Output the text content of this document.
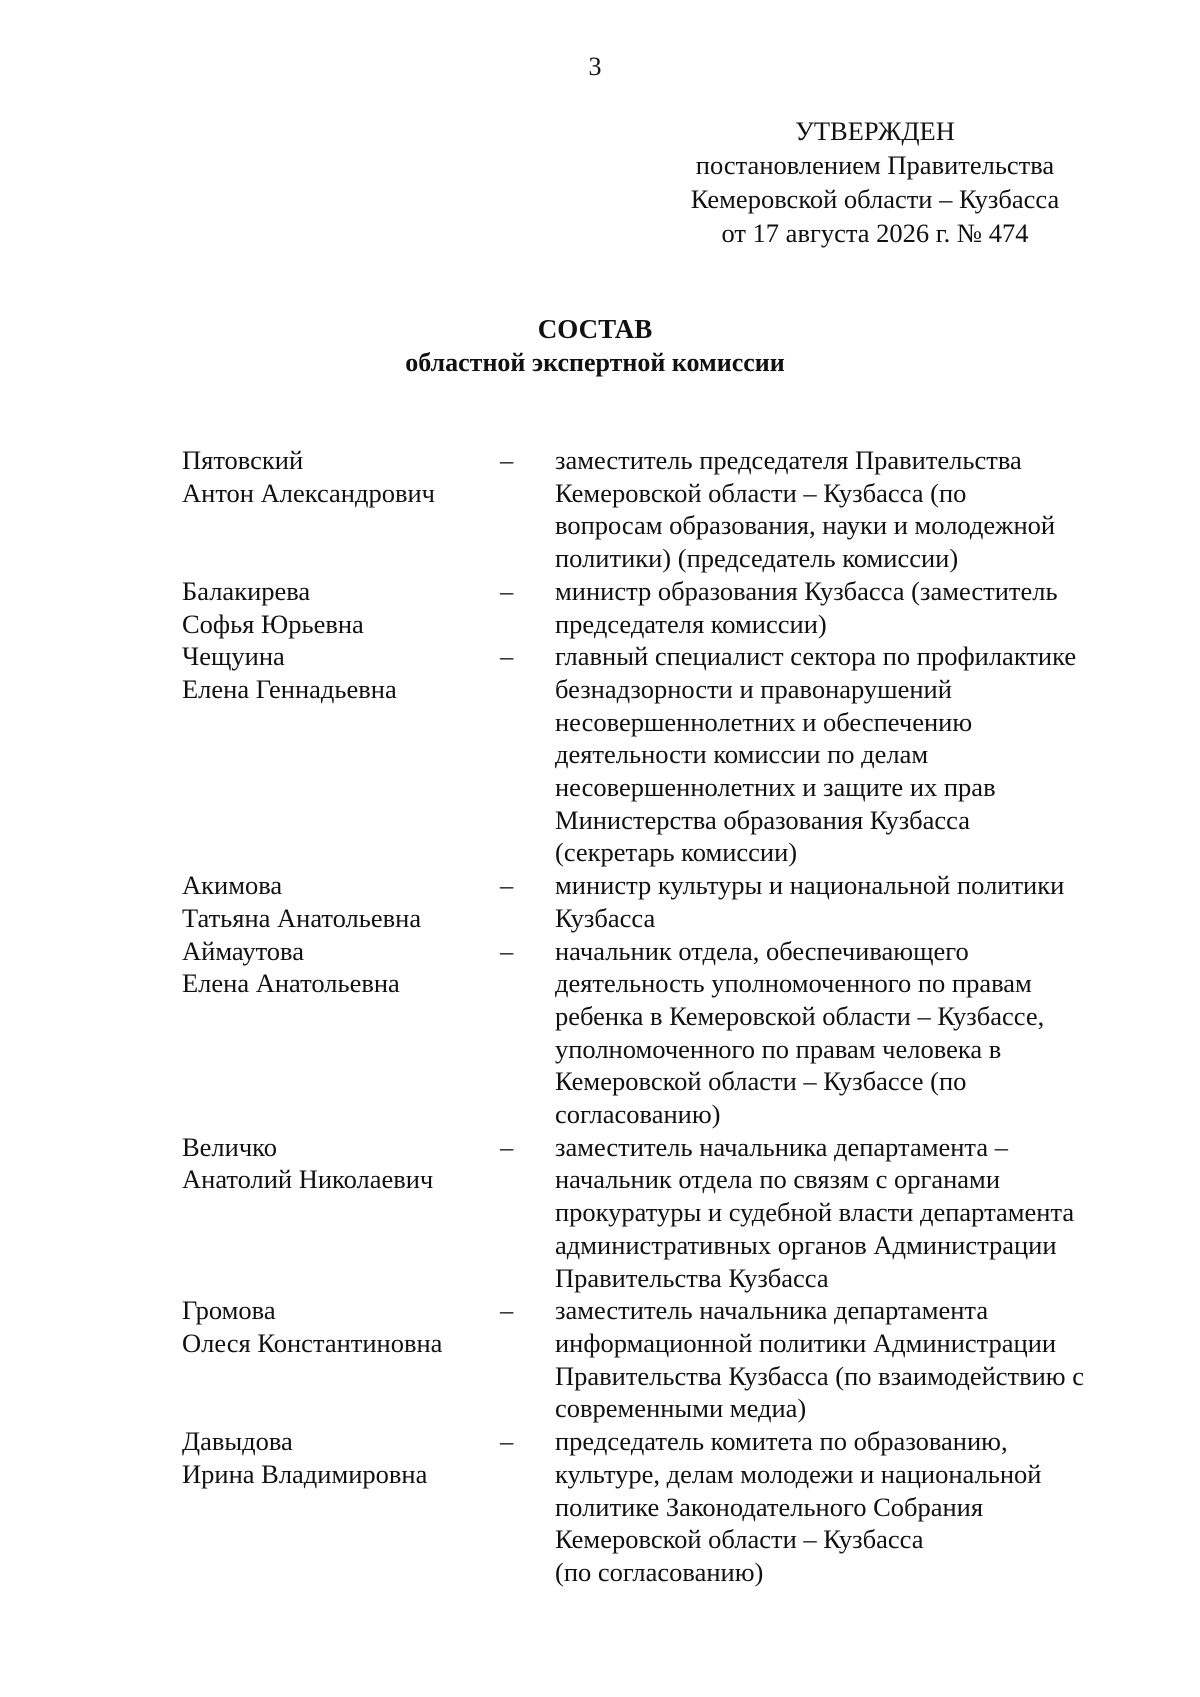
3
УТВЕРЖДЕН
постановлением Правительства
Кемеровской области – Кузбасса
от 17 августа 2026 г. № 474
СОСТАВ
областной экспертной комиссии
Пятовский
Антон Александрович
–	заместитель председателя Правительства
Кемеровской области – Кузбасса (по
вопросам образования, науки и молодежной
политики) (председатель комиссии)
Балакирева
Софья Юрьевна
–	министр образования Кузбасса (заместитель
председателя комиссии)
Чещуина
Елена Геннадьевна
–	главный специалист сектора по профилактике
безнадзорности и правонарушений
несовершеннолетних и обеспечению
деятельности комиссии по делам
несовершеннолетних и защите их прав
Министерства образования Кузбасса
(секретарь комиссии)
Акимова
Татьяна Анатольевна
–	министр культуры и национальной политики
Кузбасса
Аймаутова
Елена Анатольевна
–	начальник отдела, обеспечивающего
деятельность уполномоченного по правам
ребенка в Кемеровской области – Кузбассе,
уполномоченного по правам человека в
Кемеровской области – Кузбассе (по
согласованию)
Величко
Анатолий Николаевич
–	заместитель начальника департамента –
начальник отдела по связям с органами
прокуратуры и судебной власти департамента
административных органов Администрации
Правительства Кузбасса
Громова
Олеся Константиновна
–	заместитель начальника департамента
информационной политики Администрации
Правительства Кузбасса (по взаимодействию с
современными медиа)
Давыдова
Ирина Владимировна
–	председатель комитета по образованию,
культуре, делам молодежи и национальной
политике Законодательного Собрания
Кемеровской области – Кузбасса
(по согласованию)
